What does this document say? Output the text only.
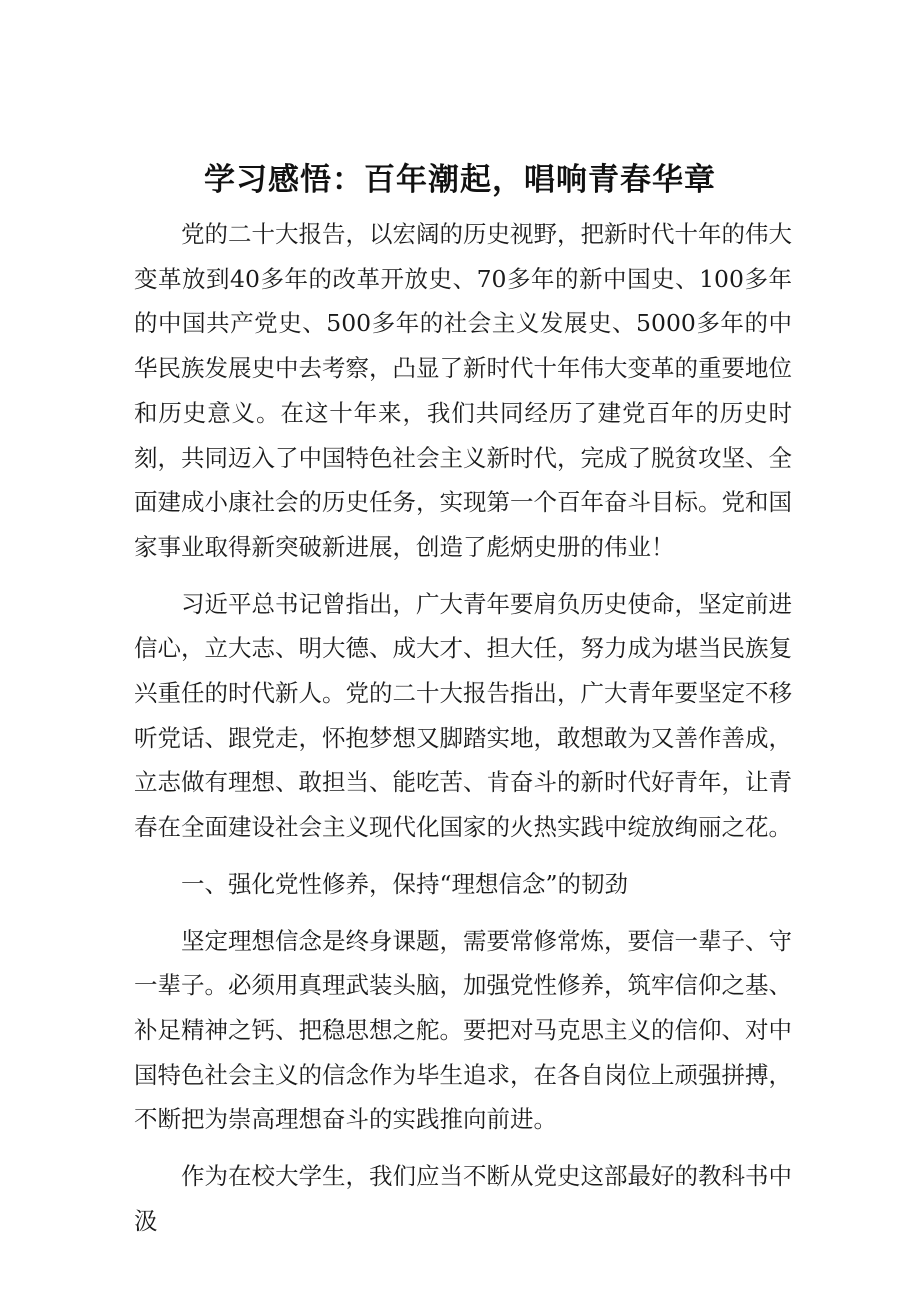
学习感悟：百年潮起，唱响青春华章

党的二十大报告，以宏阔的历史视野，把新时代十年的伟大变革放到40多年的改革开放史、70多年的新中国史、100多年的中国共产党史、500多年的社会主义发展史、5000多年的中华民族发展史中去考察，凸显了新时代十年伟大变革的重要地位和历史意义。在这十年来，我们共同经历了建党百年的历史时刻，共同迈入了中国特色社会主义新时代，完成了脱贫攻坚、全面建成小康社会的历史任务，实现第一个百年奋斗目标。党和国家事业取得新突破新进展，创造了彪炳史册的伟业！

习近平总书记曾指出，广大青年要肩负历史使命，坚定前进信心，立大志、明大德、成大才、担大任，努力成为堪当民族复兴重任的时代新人。党的二十大报告指出，广大青年要坚定不移听党话、跟党走，怀抱梦想又脚踏实地，敢想敢为又善作善成，立志做有理想、敢担当、能吃苦、肯奋斗的新时代好青年，让青春在全面建设社会主义现代化国家的火热实践中绽放绚丽之花。

一、强化党性修养，保持“理想信念”的韧劲

坚定理想信念是终身课题，需要常修常炼，要信一辈子、守一辈子。必须用真理武装头脑，加强党性修养，筑牢信仰之基、补足精神之钙、把稳思想之舵。要把对马克思主义的信仰、对中国特色社会主义的信念作为毕生追求，在各自岗位上顽强拼搏，不断把为崇高理想奋斗的实践推向前进。

作为在校大学生，我们应当不断从党史这部最好的教科书中汲
